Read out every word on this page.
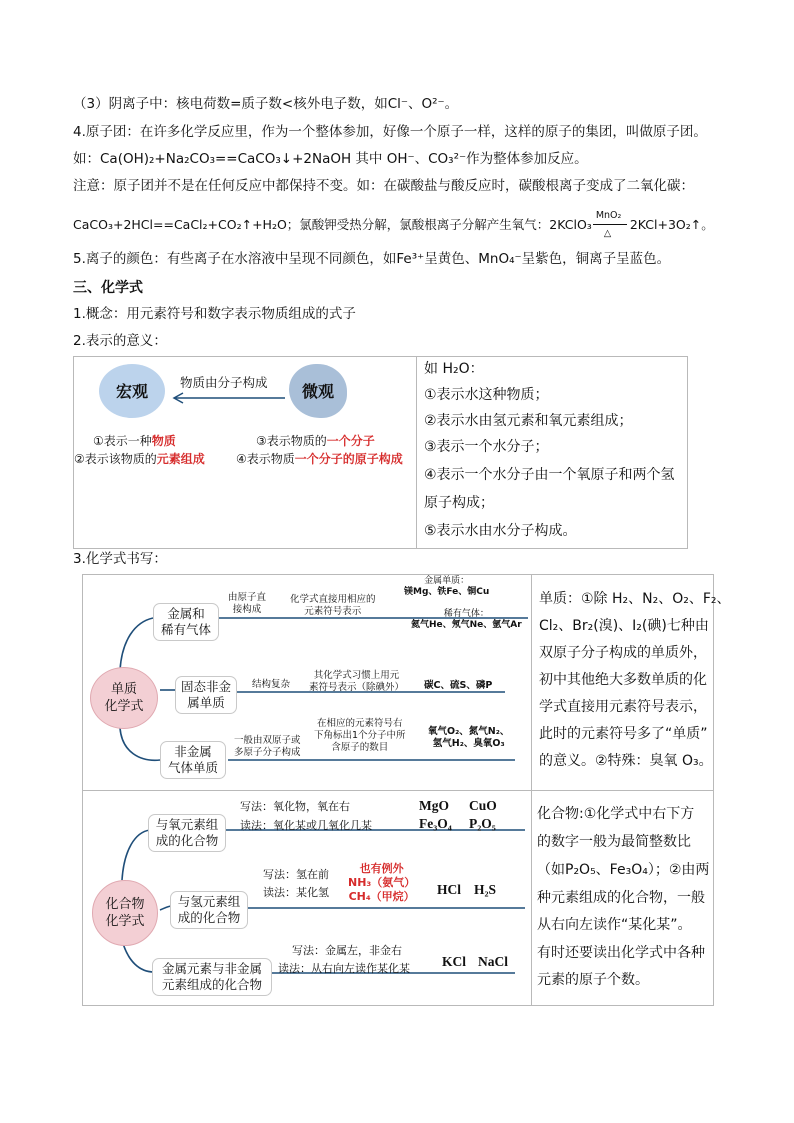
（3）阴离子中：核电荷数=质子数<核外电子数，如Cl⁻、O²⁻。
4.原子团：在许多化学反应里，作为一个整体参加，好像一个原子一样，这样的原子的集团，叫做原子团。
如：Ca(OH)₂+Na₂CO₃==CaCO₃↓+2NaOH 其中 OH⁻、CO₃²⁻作为整体参加反应。
注意：原子团并不是在任何反应中都保持不变。如：在碳酸盐与酸反应时，碳酸根离子变成了二氧化碳：
CaCO₃+2HCl==CaCl₂+CO₂↑+H₂O；氯酸钾受热分解，氯酸根离子分解产生氧气：2KClO₃
MnO₂
△
2KCl+3O₂↑。
5.离子的颜色：有些离子在水溶液中呈现不同颜色，如Fe³⁺呈黄色、MnO₄⁻呈紫色，铜离子呈蓝色。
三、化学式
1.概念：用元素符号和数字表示物质组成的式子
2.表示的意义：
宏观	微观
物质由分子构成
①表示一种物质
②表示该物质的元素组成
③表示物质的一个分子
④表示物质一个分子的原子构成
如 H₂O：
①表示水这种物质；
②表示水由氢元素和氧元素组成；
③表示一个水分子；
④表示一个水分子由一个氧原子和两个氢
原子构成；
⑤表示水由水分子构成。
3.化学式书写：
单质
化学式
金属和
稀有气体
固态非金
属单质
非金属
气体单质
由原子直
接构成
化学式直接用相应的
元素符号表示
金属单质：
镁Mg、铁Fe、铜Cu
稀有气体：
氦气He、氖气Ne、氩气Ar
结构复杂
其化学式习惯上用元
素符号表示（除碘外） 碳C、硫S、磷P
一般由双原子或
多原子分子构成
在相应的元素符号右
下角标出1个分子中所
含原子的数目
氧气O₂、氮气N₂、
氢气H₂、臭氧O₃
单质：①除 H₂、N₂、O₂、F₂、
Cl₂、Br₂(溴)、I₂(碘)七种由
双原子分子构成的单质外，
初中其他绝大多数单质的化
学式直接用元素符号表示，
此时的元素符号多了“单质”
的意义。②特殊：臭氧 O₃。
化合物
化学式
与氧元素组
成的化合物
与氢元素组
成的化合物
金属元素与非金属
元素组成的化合物
写法：氧化物，氧在右
读法：氧化某或几氧化几某
MgO CuO
Fe₃O₄ P₂O₅
写法：氢在前
读法：某化氢
也有例外
NH₃（氨气）
CH₄（甲烷） HCl H₂S
写法：金属左，非金右
读法：从右向左读作某化某 KCl NaCl
化合物:①化学式中右下方
的数字一般为最简整数比
（如P₂O₅、Fe₃O₄）；②由两
种元素组成的化合物，一般
从右向左读作“某化某”。
有时还要读出化学式中各种
元素的原子个数。
